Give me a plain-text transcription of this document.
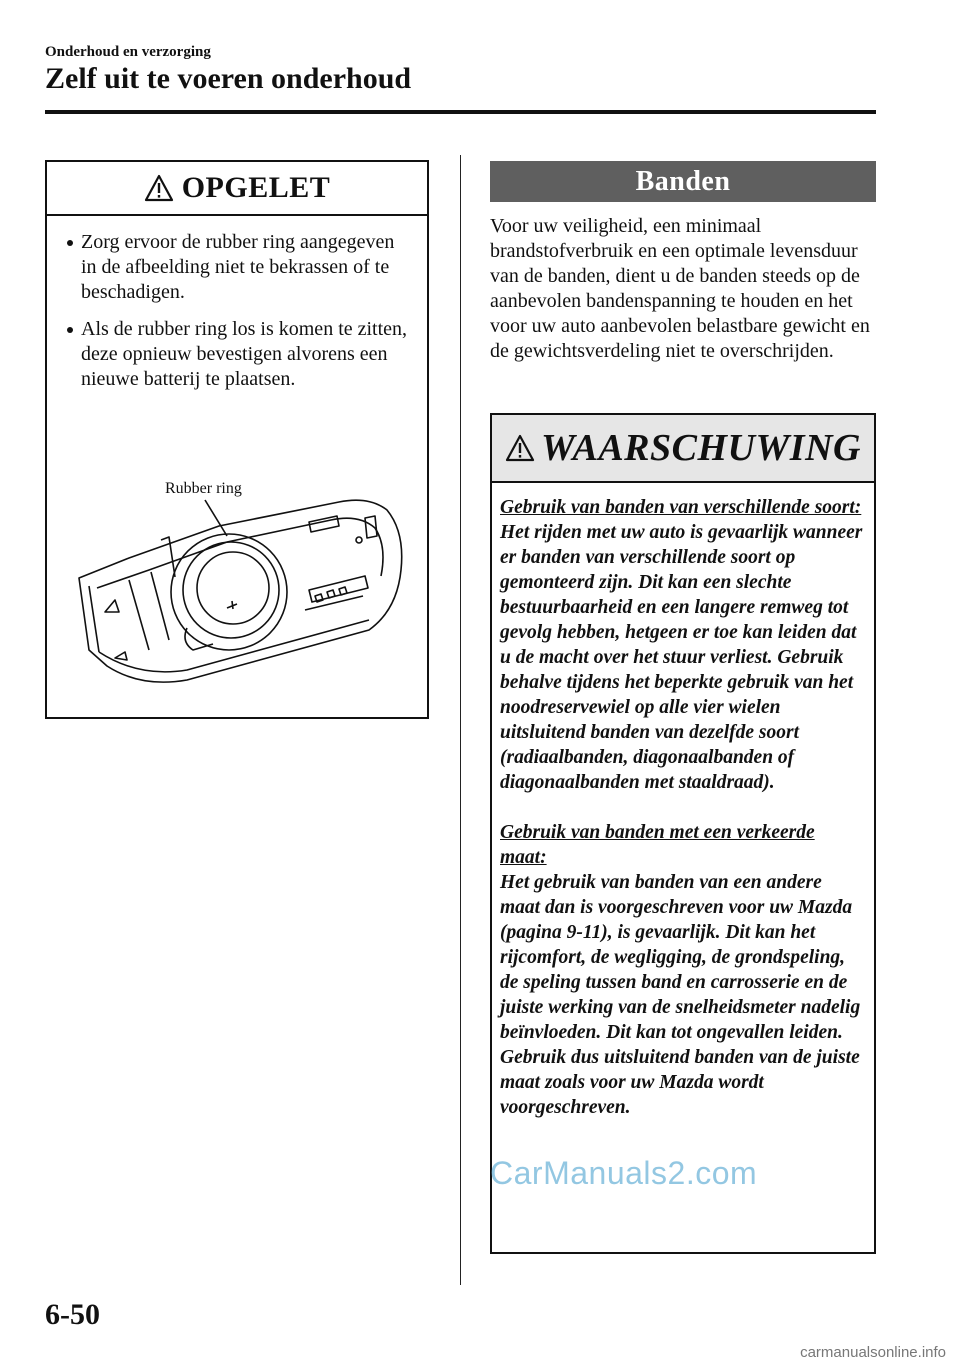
Onderhoud en verzorging
Zelf uit te voeren onderhoud
OPGELET
Zorg ervoor de rubber ring aangegeven in de afbeelding niet te bekrassen of te beschadigen.
Als de rubber ring los is komen te zitten, deze opnieuw bevestigen alvorens een nieuwe batterij te plaatsen.
Rubber ring
Banden

Voor uw veiligheid, een minimaal brandstofverbruik en een optimale levensduur van de banden, dient u de banden steeds op de aanbevolen bandenspanning te houden en het voor uw auto aanbevolen belastbare gewicht en de gewichtsverdeling niet te overschrijden.

WAARSCHUWING
Gebruik van banden van verschillende soort:

Het rijden met uw auto is gevaarlijk wanneer er banden van verschillende soort op gemonteerd zijn. Dit kan een slechte bestuurbaarheid en een langere remweg tot gevolg hebben, hetgeen er toe kan leiden dat u de macht over het stuur verliest. Gebruik behalve tijdens het beperkte gebruik van het noodreservewiel op alle vier wielen uitsluitend banden van dezelfde soort (radiaalbanden, diagonaalbanden of diagonaalbanden met staaldraad).

Gebruik van banden met een verkeerde maat:

Het gebruik van banden van een andere maat dan is voorgeschreven voor uw Mazda (pagina 9-11), is gevaarlijk. Dit kan het rijcomfort, de wegligging, de grondspeling, de speling tussen band en carrosserie en de juiste werking van de snelheidsmeter nadelig beïnvloeden. Dit kan tot ongevallen leiden. Gebruik dus uitsluitend banden van de juiste maat zoals voor uw Mazda wordt voorgeschreven.

CarManuals2.com
6-50
carmanualsonline.info
